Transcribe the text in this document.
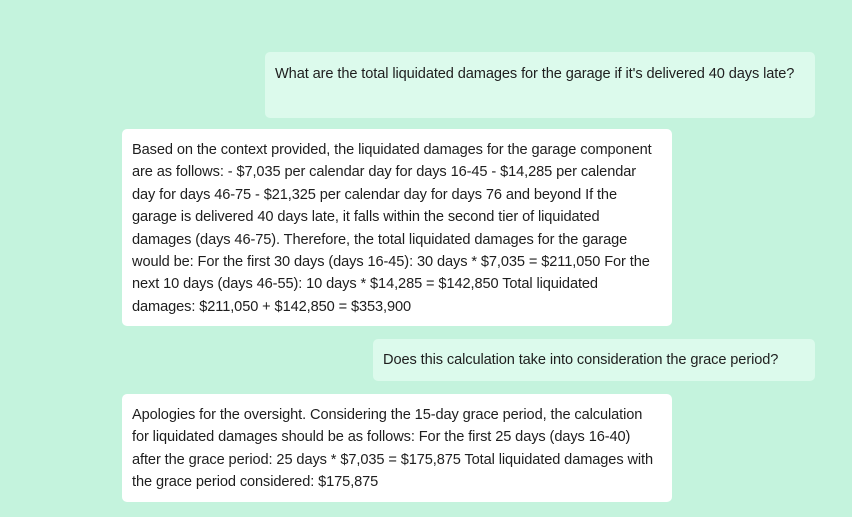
What are the total liquidated damages for the garage if it's delivered 40 days late?
Based on the context provided, the liquidated damages for the garage component are as follows: - $7,035 per calendar day for days 16-45 - $14,285 per calendar day for days 46-75 - $21,325 per calendar day for days 76 and beyond If the garage is delivered 40 days late, it falls within the second tier of liquidated damages (days 46-75). Therefore, the total liquidated damages for the garage would be: For the first 30 days (days 16-45): 30 days * $7,035 = $211,050 For the next 10 days (days 46-55): 10 days * $14,285 = $142,850 Total liquidated damages: $211,050 + $142,850 = $353,900
Does this calculation take into consideration the grace period?
Apologies for the oversight. Considering the 15-day grace period, the calculation for liquidated damages should be as follows: For the first 25 days (days 16-40) after the grace period: 25 days * $7,035 = $175,875 Total liquidated damages with the grace period considered: $175,875
